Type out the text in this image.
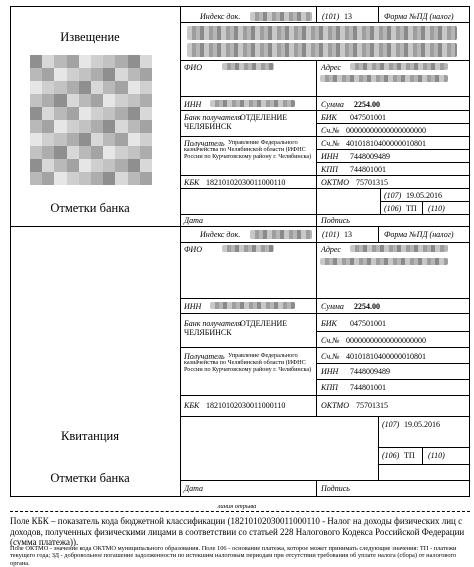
Извещение
Отметки банка
Квитанция
Отметки банка
Индекс док.	(101) 13	Форма №ПД (налог)
ФИО	Адрес
ИНН	Сумма 2254.00
Банк получателя
ОТДЕЛЕНИЕ
ЧЕЛЯБИНСК
БИК 047501001
Сч.№ 00000000000000000000
Получатель Управление Федерального казначейства по Челябинской области (ИФНС России по Курчатовскому району г. Челябинска)
Сч.№ 40101810400000010801
ИНН 7448009489
КПП 744801001
КБК 18210102030011000110	ОКТМО 75701315
(107) 19.05.2016
(106) ТП (110)
Дата	Подпись
Индекс док.	(101) 13	Форма №ПД (налог)
ФИО	Адрес
ИНН	Сумма 2254.00
Банк получателя
ОТДЕЛЕНИЕ
ЧЕЛЯБИНСК
БИК 047501001
Сч.№ 00000000000000000000
Получатель Управление Федерального казначейства по Челябинской области (ИФНС России по Курчатовскому району г. Челябинска)
Сч.№ 40101810400000010801
ИНН 7448009489
КПП 744801001
КБК 18210102030011000110	ОКТМО 75701315
(107) 19.05.2016
(106) ТП (110)
Дата	Подпись
линия отрыва
Поле КБК – показатель кода бюджетной классификации (18210102030011000110 - Налог на доходы физических лиц с доходов, полученных физическими лицами в соответствии со статьей 228 Налогового Кодекса Российской Федерации (сумма платежа)).
Поле ОКТМО - значение кода ОКТМО муниципального образования. Поле 106 - основание платежа, которое может принимать следующие значения: ТП - платежи текущего года; ЗД - добровольное погашение задолженности по истекшим налоговым периодам при отсутствии требования об уплате налога (сбора) от налогового органа.
